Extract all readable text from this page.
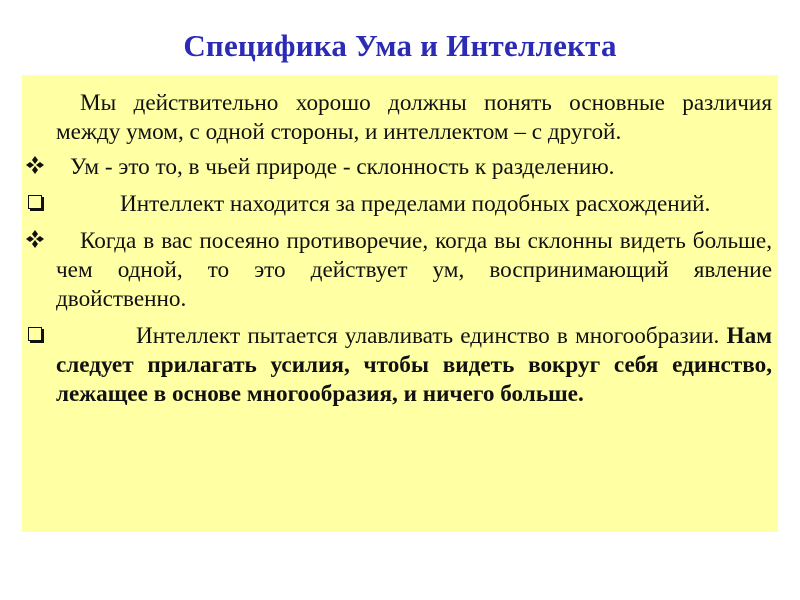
Специфика Ума и Интеллекта
Мы действительно хорошо должны понять основные различия между умом, с одной стороны, и интеллектом – с другой.
Ум - это то, в чьей природе - склонность к разделению.
Интеллект находится за пределами подобных расхождений.
Когда в вас посеяно противоречие, когда вы склонны видеть больше, чем одной, то это действует ум, воспринимающий явление двойственно.
Интеллект пытается улавливать единство в многообразии. Нам следует прилагать усилия, чтобы видеть вокруг себя единство, лежащее в основе многообразия, и ничего больше.
